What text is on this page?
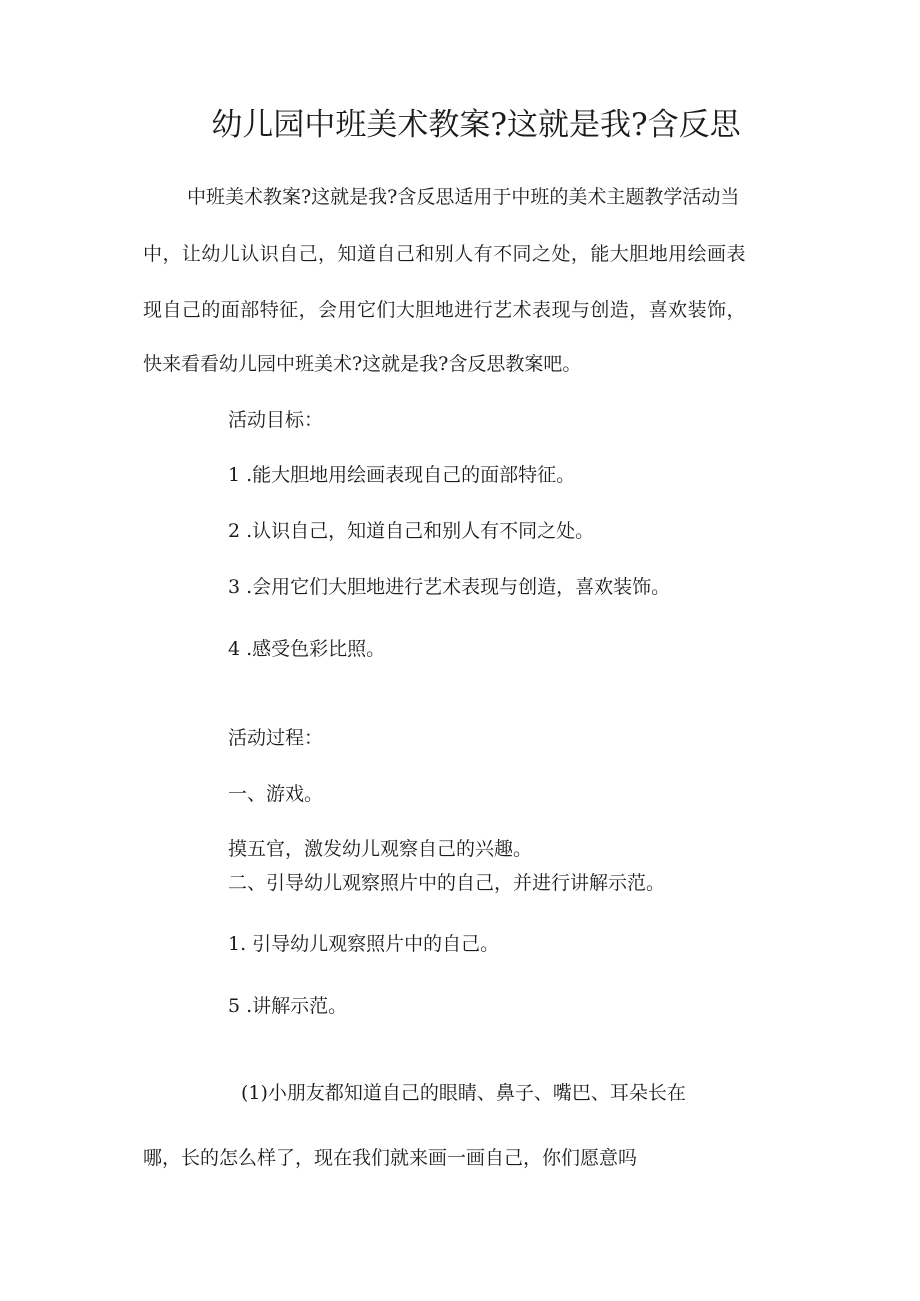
幼儿园中班美术教案?这就是我?含反思

中班美术教案?这就是我?含反思适用于中班的美术主题教学活动当

中，让幼儿认识自己，知道自己和别人有不同之处，能大胆地用绘画表

现自己的面部特征，会用它们大胆地进行艺术表现与创造，喜欢装饰，

快来看看幼儿园中班美术?这就是我?含反思教案吧。

活动目标：

1 .能大胆地用绘画表现自己的面部特征。

2 .认识自己，知道自己和别人有不同之处。

3 .会用它们大胆地进行艺术表现与创造，喜欢装饰。

4 .感受色彩比照。

活动过程：

一、游戏。

摸五官，激发幼儿观察自己的兴趣。

二、引导幼儿观察照片中的自己，并进行讲解示范。

1. 引导幼儿观察照片中的自己。

5 .讲解示范。

(1)小朋友都知道自己的眼睛、鼻子、嘴巴、耳朵长在

哪，长的怎么样了，现在我们就来画一画自己，你们愿意吗
